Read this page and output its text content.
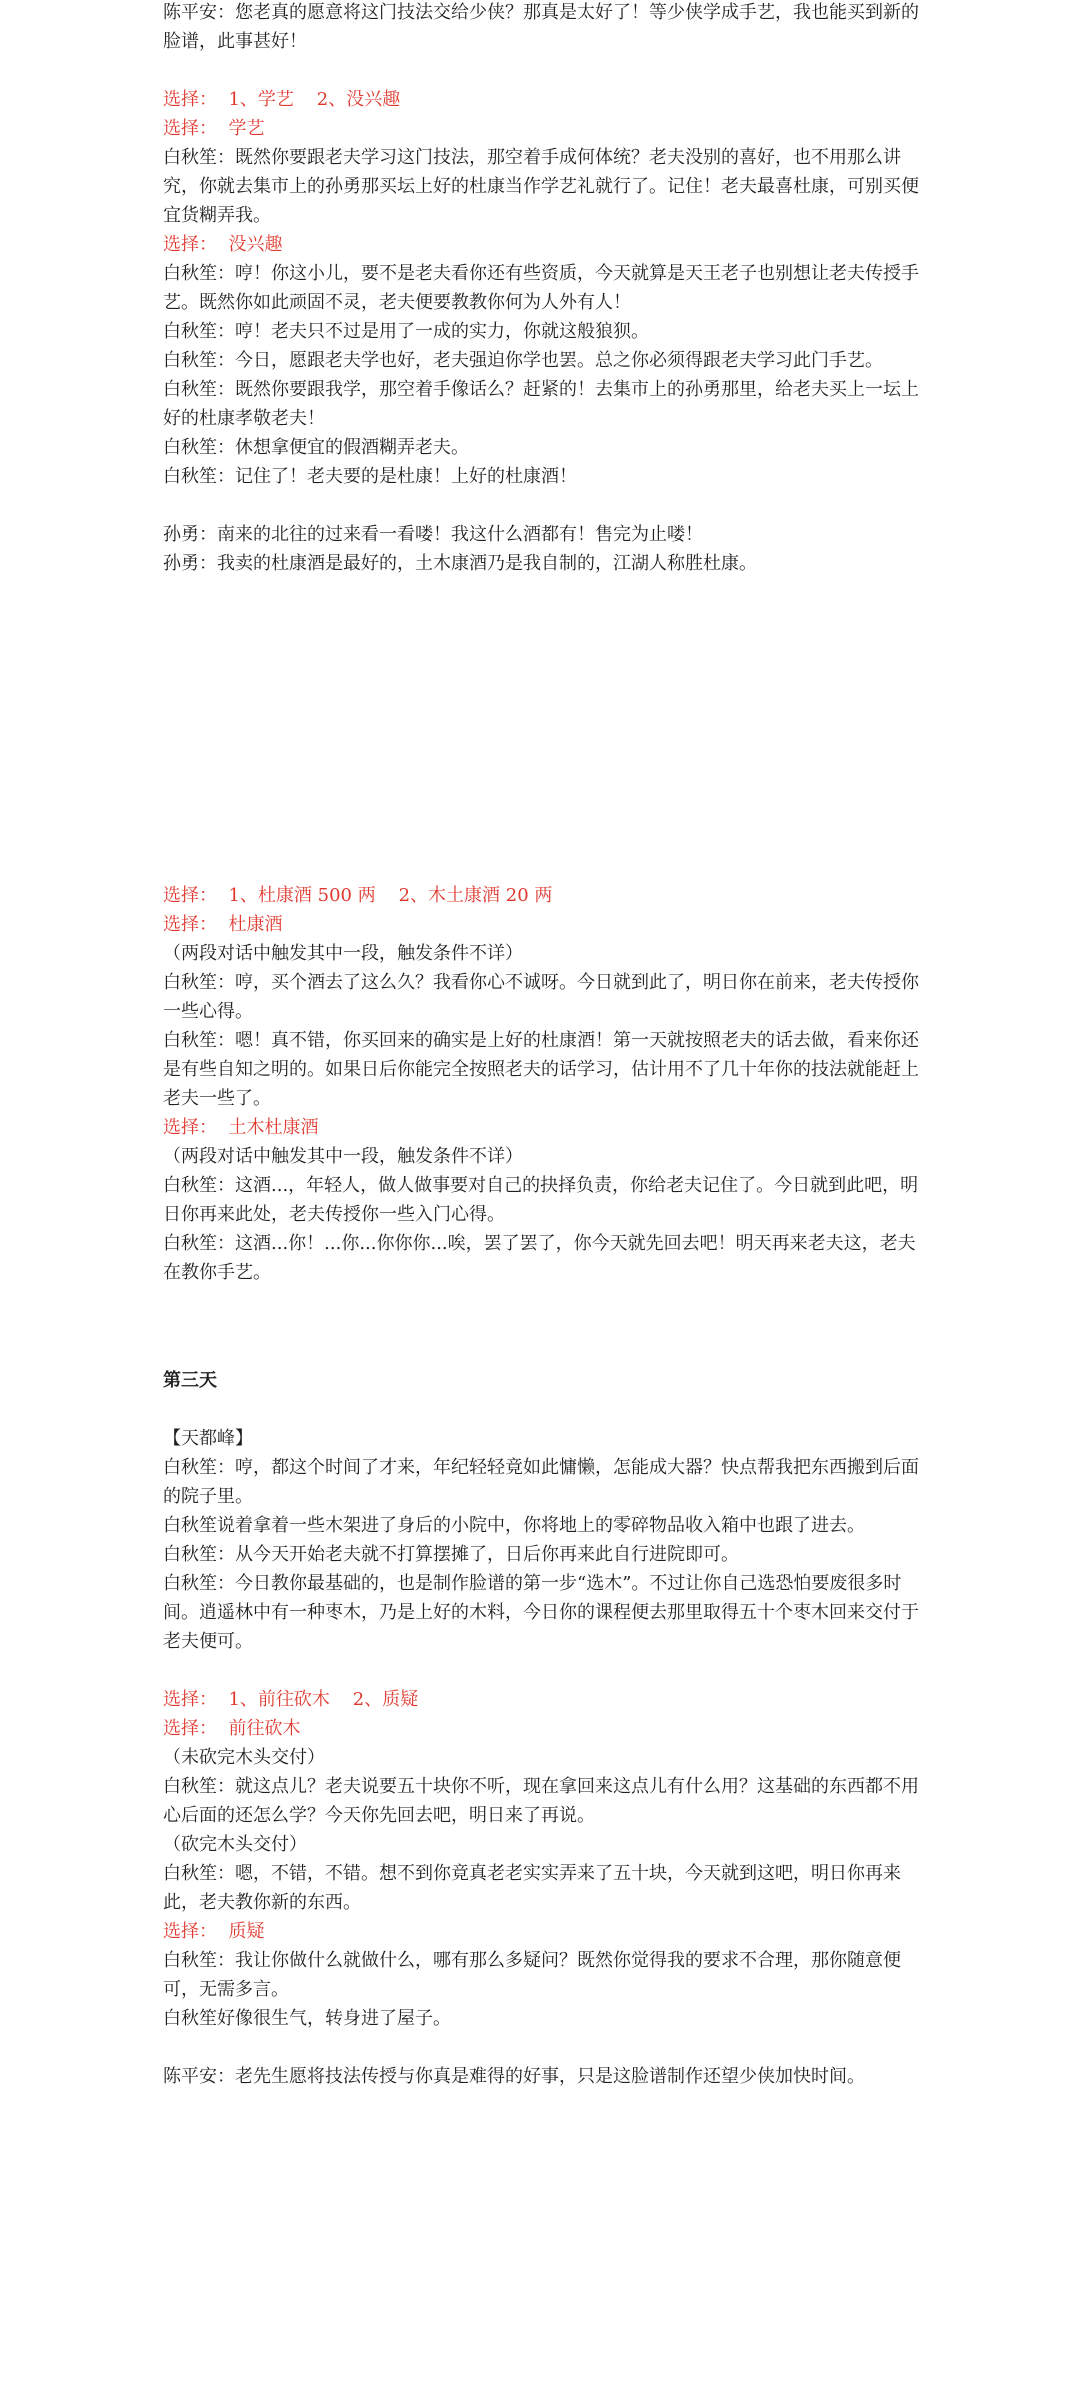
陈平安：您老真的愿意将这门技法交给少侠？那真是太好了！等少侠学成手艺，我也能买到新的脸谱，此事甚好！
选择：  1、学艺    2、没兴趣
选择：  学艺
白秋笙：既然你要跟老夫学习这门技法，那空着手成何体统？老夫没别的喜好，也不用那么讲究，你就去集市上的孙勇那买坛上好的杜康当作学艺礼就行了。记住！老夫最喜杜康，可别买便宜货糊弄我。
选择：  没兴趣
白秋笙：哼！你这小儿，要不是老夫看你还有些资质，今天就算是天王老子也别想让老夫传授手艺。既然你如此顽固不灵，老夫便要教教你何为人外有人！
白秋笙：哼！老夫只不过是用了一成的实力，你就这般狼狈。
白秋笙：今日，愿跟老夫学也好，老夫强迫你学也罢。总之你必须得跟老夫学习此门手艺。
白秋笙：既然你要跟我学，那空着手像话么？赶紧的！去集市上的孙勇那里，给老夫买上一坛上好的杜康孝敬老夫！
白秋笙：休想拿便宜的假酒糊弄老夫。
白秋笙：记住了！老夫要的是杜康！上好的杜康酒！
孙勇：南来的北往的过来看一看喽！我这什么酒都有！售完为止喽！
孙勇：我卖的杜康酒是最好的，土木康酒乃是我自制的，江湖人称胜杜康。
选择：  1、杜康酒 500 两    2、木土康酒 20 两
选择：  杜康酒
（两段对话中触发其中一段，触发条件不详）
白秋笙：哼，买个酒去了这么久？我看你心不诚呀。今日就到此了，明日你在前来，老夫传授你一些心得。
白秋笙：嗯！真不错，你买回来的确实是上好的杜康酒！第一天就按照老夫的话去做，看来你还是有些自知之明的。如果日后你能完全按照老夫的话学习，估计用不了几十年你的技法就能赶上老夫一些了。
选择：  土木杜康酒
（两段对话中触发其中一段，触发条件不详）
白秋笙：这酒...，年轻人，做人做事要对自己的抉择负责，你给老夫记住了。今日就到此吧，明日你再来此处，老夫传授你一些入门心得。
白秋笙：这酒...你！...你...你你你...唉，罢了罢了，你今天就先回去吧！明天再来老夫这，老夫在教你手艺。
第三天
【天都峰】
白秋笙：哼，都这个时间了才来，年纪轻轻竟如此慵懒，怎能成大器？快点帮我把东西搬到后面的院子里。
白秋笙说着拿着一些木架进了身后的小院中，你将地上的零碎物品收入箱中也跟了进去。
白秋笙：从今天开始老夫就不打算摆摊了，日后你再来此自行进院即可。
白秋笙：今日教你最基础的，也是制作脸谱的第一步“选木”。不过让你自己选恐怕要废很多时间。逍遥林中有一种枣木，乃是上好的木料，今日你的课程便去那里取得五十个枣木回来交付于老夫便可。
选择：  1、前往砍木    2、质疑
选择：  前往砍木
（未砍完木头交付）
白秋笙：就这点儿？老夫说要五十块你不听，现在拿回来这点儿有什么用？这基础的东西都不用心后面的还怎么学？今天你先回去吧，明日来了再说。
（砍完木头交付）
白秋笙：嗯，不错，不错。想不到你竟真老老实实弄来了五十块，今天就到这吧，明日你再来此，老夫教你新的东西。
选择：  质疑
白秋笙：我让你做什么就做什么，哪有那么多疑问？既然你觉得我的要求不合理，那你随意便可，无需多言。
白秋笙好像很生气，转身进了屋子。
陈平安：老先生愿将技法传授与你真是难得的好事，只是这脸谱制作还望少侠加快时间。
